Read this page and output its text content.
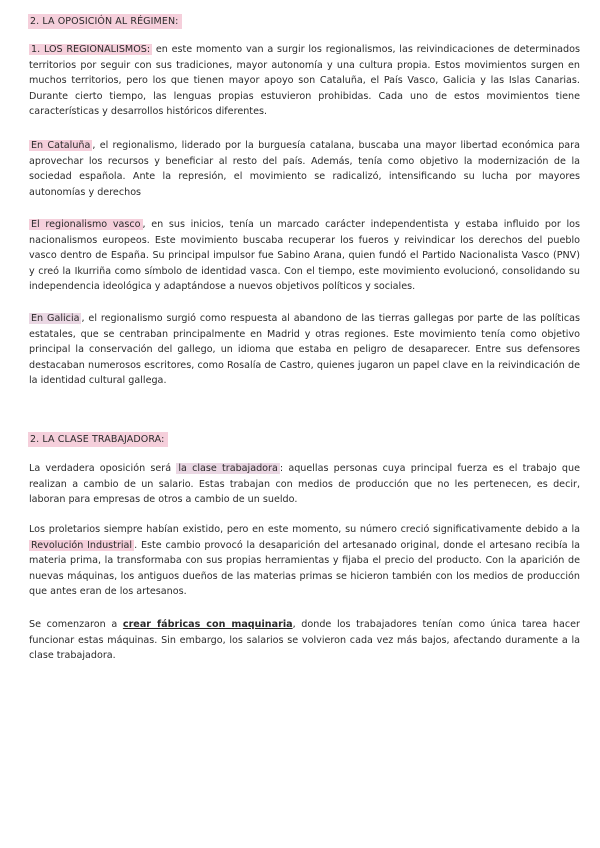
2. LA OPOSICIÓN AL RÉGIMEN:
1. LOS REGIONALISMOS: en este momento van a surgir los regionalismos, las reivindicaciones de determinados territorios por seguir con sus tradiciones, mayor autonomía y una cultura propia. Estos movimientos surgen en muchos territorios, pero los que tienen mayor apoyo son Cataluña, el País Vasco, Galicia y las Islas Canarias. Durante cierto tiempo, las lenguas propias estuvieron prohibidas. Cada uno de estos movimientos tiene características y desarrollos históricos diferentes.
En Cataluña , el regionalismo, liderado por la burguesía catalana, buscaba una mayor libertad económica para aprovechar los recursos y beneficiar al resto del país. Además, tenía como objetivo la modernización de la sociedad española. Ante la represión, el movimiento se radicalizó, intensificando su lucha por mayores autonomías y derechos
El regionalismo vasco , en sus inicios, tenía un marcado carácter independentista y estaba influido por los nacionalismos europeos. Este movimiento buscaba recuperar los fueros y reivindicar los derechos del pueblo vasco dentro de España. Su principal impulsor fue Sabino Arana, quien fundó el Partido Nacionalista Vasco (PNV) y creó la Ikurriña como símbolo de identidad vasca. Con el tiempo, este movimiento evolucionó, consolidando su independencia ideológica y adaptándose a nuevos objetivos políticos y sociales.
En Galicia , el regionalismo surgió como respuesta al abandono de las tierras gallegas por parte de las políticas estatales, que se centraban principalmente en Madrid y otras regiones. Este movimiento tenía como objetivo principal la conservación del gallego, un idioma que estaba en peligro de desaparecer. Entre sus defensores destacaban numerosos escritores, como Rosalía de Castro, quienes jugaron un papel clave en la reivindicación de la identidad cultural gallega.
2. LA CLASE TRABAJADORA:
La verdadera oposición será la clase trabajadora : aquellas personas cuya principal fuerza es el trabajo que realizan a cambio de un salario. Estas trabajan con medios de producción que no les pertenecen, es decir, laboran para empresas de otros a cambio de un sueldo.
Los proletarios siempre habían existido, pero en este momento, su número creció significativamente debido a la Revolución Industrial . Este cambio provocó la desaparición del artesanado original, donde el artesano recibía la materia prima, la transformaba con sus propias herramientas y fijaba el precio del producto. Con la aparición de nuevas máquinas, los antiguos dueños de las materias primas se hicieron también con los medios de producción que antes eran de los artesanos.
Se comenzaron a crear fábricas con maquinaria, donde los trabajadores tenían como única tarea hacer funcionar estas máquinas. Sin embargo, los salarios se volvieron cada vez más bajos, afectando duramente a la clase trabajadora.
